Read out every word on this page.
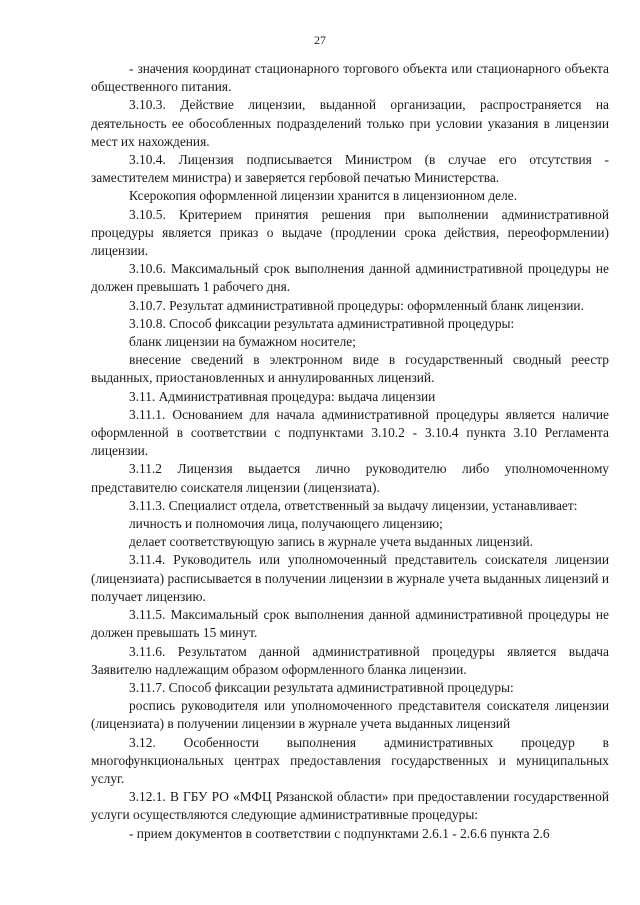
27

- значения координат стационарного торгового объекта или стационарного объекта общественного питания.

3.10.3. Действие лицензии, выданной организации, распространяется на деятельность ее обособленных подразделений только при условии указания в лицензии мест их нахождения.

3.10.4. Лицензия подписывается Министром (в случае его отсутствия - заместителем министра) и заверяется гербовой печатью Министерства.

Ксерокопия оформленной лицензии хранится в лицензионном деле.

3.10.5. Критерием принятия решения при выполнении административной процедуры является приказ о выдаче (продлении срока действия, переоформлении) лицензии.

3.10.6. Максимальный срок выполнения данной административной процедуры не должен превышать 1 рабочего дня.

3.10.7. Результат административной процедуры: оформленный бланк лицензии.

3.10.8. Способ фиксации результата административной процедуры:

бланк лицензии на бумажном носителе;

внесение сведений в электронном виде в государственный сводный реестр выданных, приостановленных и аннулированных лицензий.

3.11. Административная процедура: выдача лицензии

3.11.1. Основанием для начала административной процедуры является наличие оформленной в соответствии с подпунктами 3.10.2 - 3.10.4 пункта 3.10 Регламента лицензии.

3.11.2 Лицензия выдается лично руководителю либо уполномоченному представителю соискателя лицензии (лицензиата).

3.11.3. Специалист отдела, ответственный за выдачу лицензии, устанавливает:

личность и полномочия лица, получающего лицензию;

делает соответствующую запись в журнале учета выданных лицензий.

3.11.4. Руководитель или уполномоченный представитель соискателя лицензии (лицензиата) расписывается в получении лицензии в журнале учета выданных лицензий и получает лицензию.

3.11.5. Максимальный срок выполнения данной административной процедуры не должен превышать 15 минут.

3.11.6. Результатом данной административной процедуры является выдача Заявителю надлежащим образом оформленного бланка лицензии.

3.11.7. Способ фиксации результата административной процедуры:

роспись руководителя или уполномоченного представителя соискателя лицензии (лицензиата) в получении лицензии в журнале учета выданных лицензий

3.12. Особенности выполнения административных процедур в многофункциональных центрах предоставления государственных и муниципальных услуг.

3.12.1. В ГБУ РО «МФЦ Рязанской области» при предоставлении государственной услуги осуществляются следующие административные процедуры:

- прием документов в соответствии с подпунктами 2.6.1 - 2.6.6 пункта 2.6
